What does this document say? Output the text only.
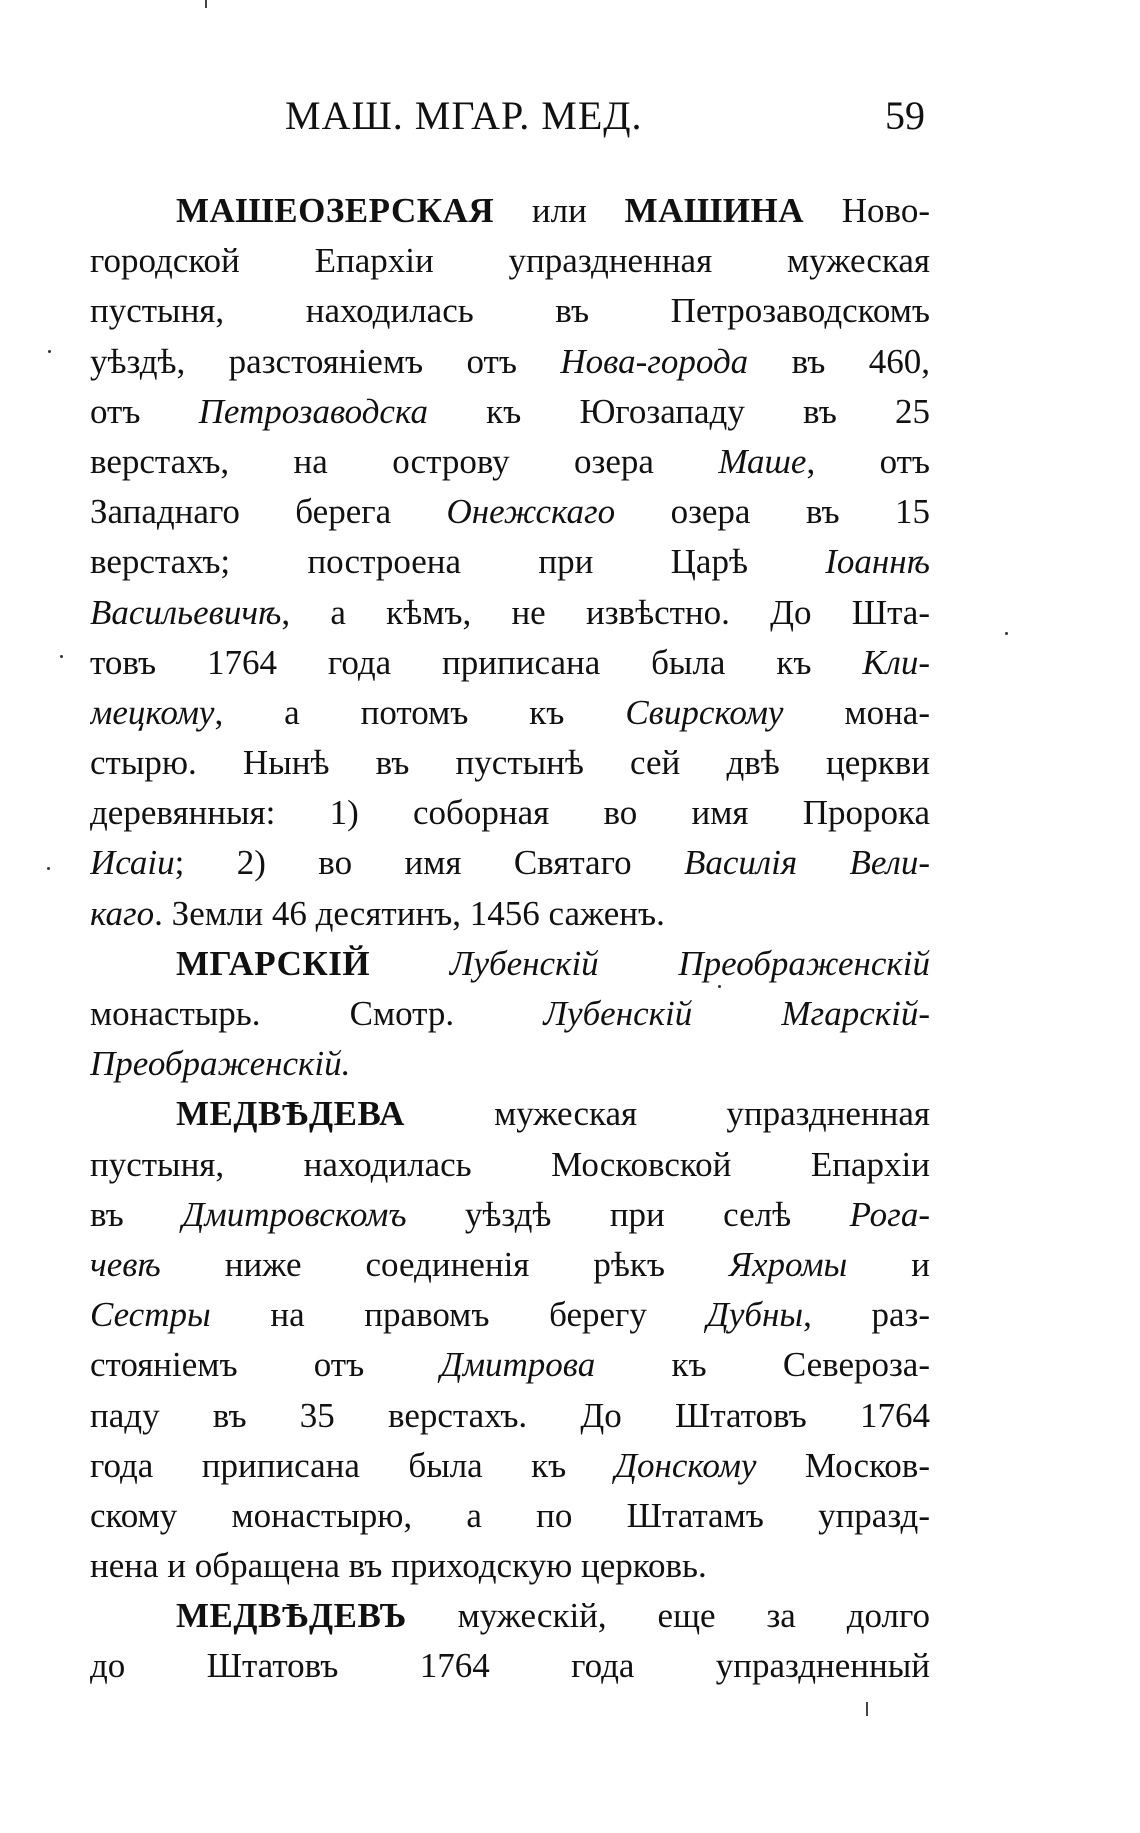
МАШ. МГАР. МЕД.	59
МАШЕОЗЕРСКАЯ или МАШИНА Ново-
городской Епархіи упраздненная мужеская
пустыня, находилась въ Петрозаводскомъ
уѣздѣ, разстояніемъ отъ Нова-города въ 460,
отъ Петрозаводска къ Югозападу въ 25
верстахъ, на острову озера Маше, отъ
Западнаго берега Онежскаго озера въ 15
верстахъ; построена при Царѣ Іоаннѣ
Васильевичѣ, а кѣмъ, не извѣстно. До Шта-
товъ 1764 года приписана была къ Кли-
мецкому, а потомъ къ Свирскому мона-
стырю. Нынѣ въ пустынѣ сей двѣ церкви
деревянныя: 1) соборная во имя Пророка
Исаіи; 2) во имя Святаго Василія Вели-
каго. Земли 46 десятинъ, 1456 саженъ.
МГАРСКІЙ Лубенскій Преображенскій
монастырь. Смотр. Лубенскій Мгарскій-
Преображенскій.
МЕДВѢДЕВА мужеская упраздненная
пустыня, находилась Московской Епархіи
въ Дмитровскомъ уѣздѣ при селѣ Рога-
чевѣ ниже соединенія рѣкъ Яхромы и
Сестры на правомъ берегу Дубны, раз-
стояніемъ отъ Дмитрова къ Североза-
паду въ 35 верстахъ. До Штатовъ 1764
года приписана была къ Донскому Москов-
скому монастырю, а по Штатамъ упразд-
нена и обращена въ приходскую церковь.
МЕДВѢДЕВЪ мужескій, еще за долго
до Штатовъ 1764 года упраздненный
